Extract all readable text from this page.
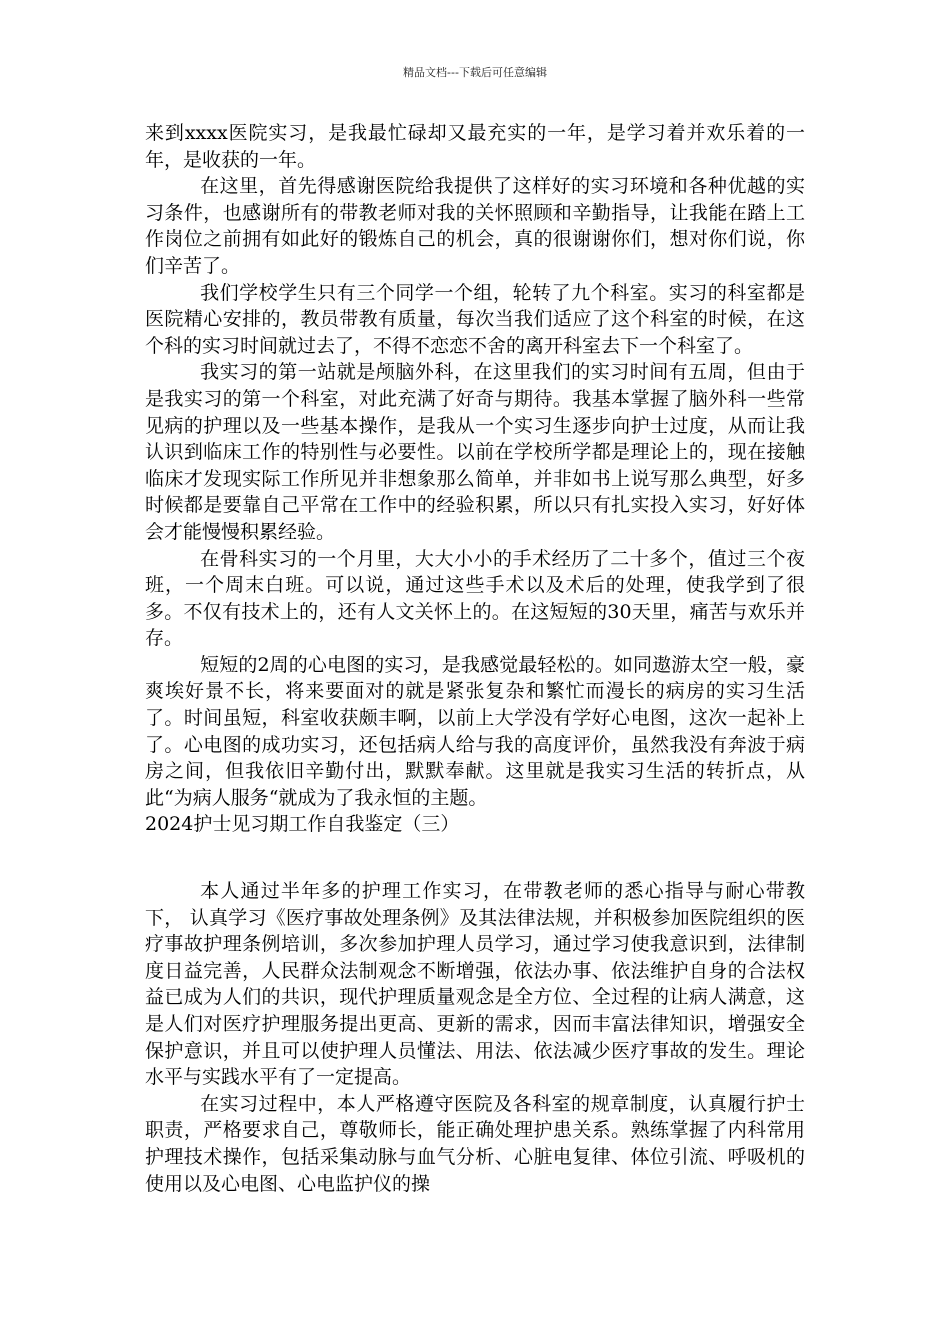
精品文档---下载后可任意编辑

来到xxxx医院实习，是我最忙碌却又最充实的一年，是学习着并欢乐着的一年，是收获的一年。

在这里，首先得感谢医院给我提供了这样好的实习环境和各种优越的实习条件，也感谢所有的带教老师对我的关怀照顾和辛勤指导，让我能在踏上工作岗位之前拥有如此好的锻炼自己的机会，真的很谢谢你们，想对你们说，你们辛苦了。

我们学校学生只有三个同学一个组，轮转了九个科室。实习的科室都是医院精心安排的，教员带教有质量，每次当我们适应了这个科室的时候，在这个科的实习时间就过去了，不得不恋恋不舍的离开科室去下一个科室了。

我实习的第一站就是颅脑外科，在这里我们的实习时间有五周，但由于是我实习的第一个科室，对此充满了好奇与期待。我基本掌握了脑外科一些常见病的护理以及一些基本操作，是我从一个实习生逐步向护士过度，从而让我认识到临床工作的特别性与必要性。以前在学校所学都是理论上的，现在接触临床才发现实际工作所见并非想象那么简单，并非如书上说写那么典型，好多时候都是要靠自己平常在工作中的经验积累，所以只有扎实投入实习，好好体会才能慢慢积累经验。

在骨科实习的一个月里，大大小小的手术经历了二十多个，值过三个夜班，一个周末白班。可以说，通过这些手术以及术后的处理，使我学到了很多。不仅有技术上的，还有人文关怀上的。在这短短的30天里，痛苦与欢乐并存。

短短的2周的心电图的实习，是我感觉最轻松的。如同遨游太空一般，豪爽埃好景不长，将来要面对的就是紧张复杂和繁忙而漫长的病房的实习生活了。时间虽短，科室收获颇丰啊，以前上大学没有学好心电图，这次一起补上了。心电图的成功实习，还包括病人给与我的高度评价，虽然我没有奔波于病房之间，但我依旧辛勤付出，默默奉献。这里就是我实习生活的转折点，从此“为病人服务“就成为了我永恒的主题。

2024护士见习期工作自我鉴定（三）

本人通过半年多的护理工作实习，在带教老师的悉心指导与耐心带教下， 认真学习《医疗事故处理条例》及其法律法规，并积极参加医院组织的医疗事故护理条例培训，多次参加护理人员学习，通过学习使我意识到，法律制度日益完善，人民群众法制观念不断增强，依法办事、依法维护自身的合法权益已成为人们的共识，现代护理质量观念是全方位、全过程的让病人满意，这是人们对医疗护理服务提出更高、更新的需求，因而丰富法律知识，增强安全保护意识，并且可以使护理人员懂法、用法、依法减少医疗事故的发生。理论水平与实践水平有了一定提高。

在实习过程中，本人严格遵守医院及各科室的规章制度，认真履行护士职责，严格要求自己，尊敬师长，能正确处理护患关系。熟练掌握了内科常用护理技术操作，包括采集动脉与血气分析、心脏电复律、体位引流、呼吸机的使用以及心电图、心电监护仪的操
